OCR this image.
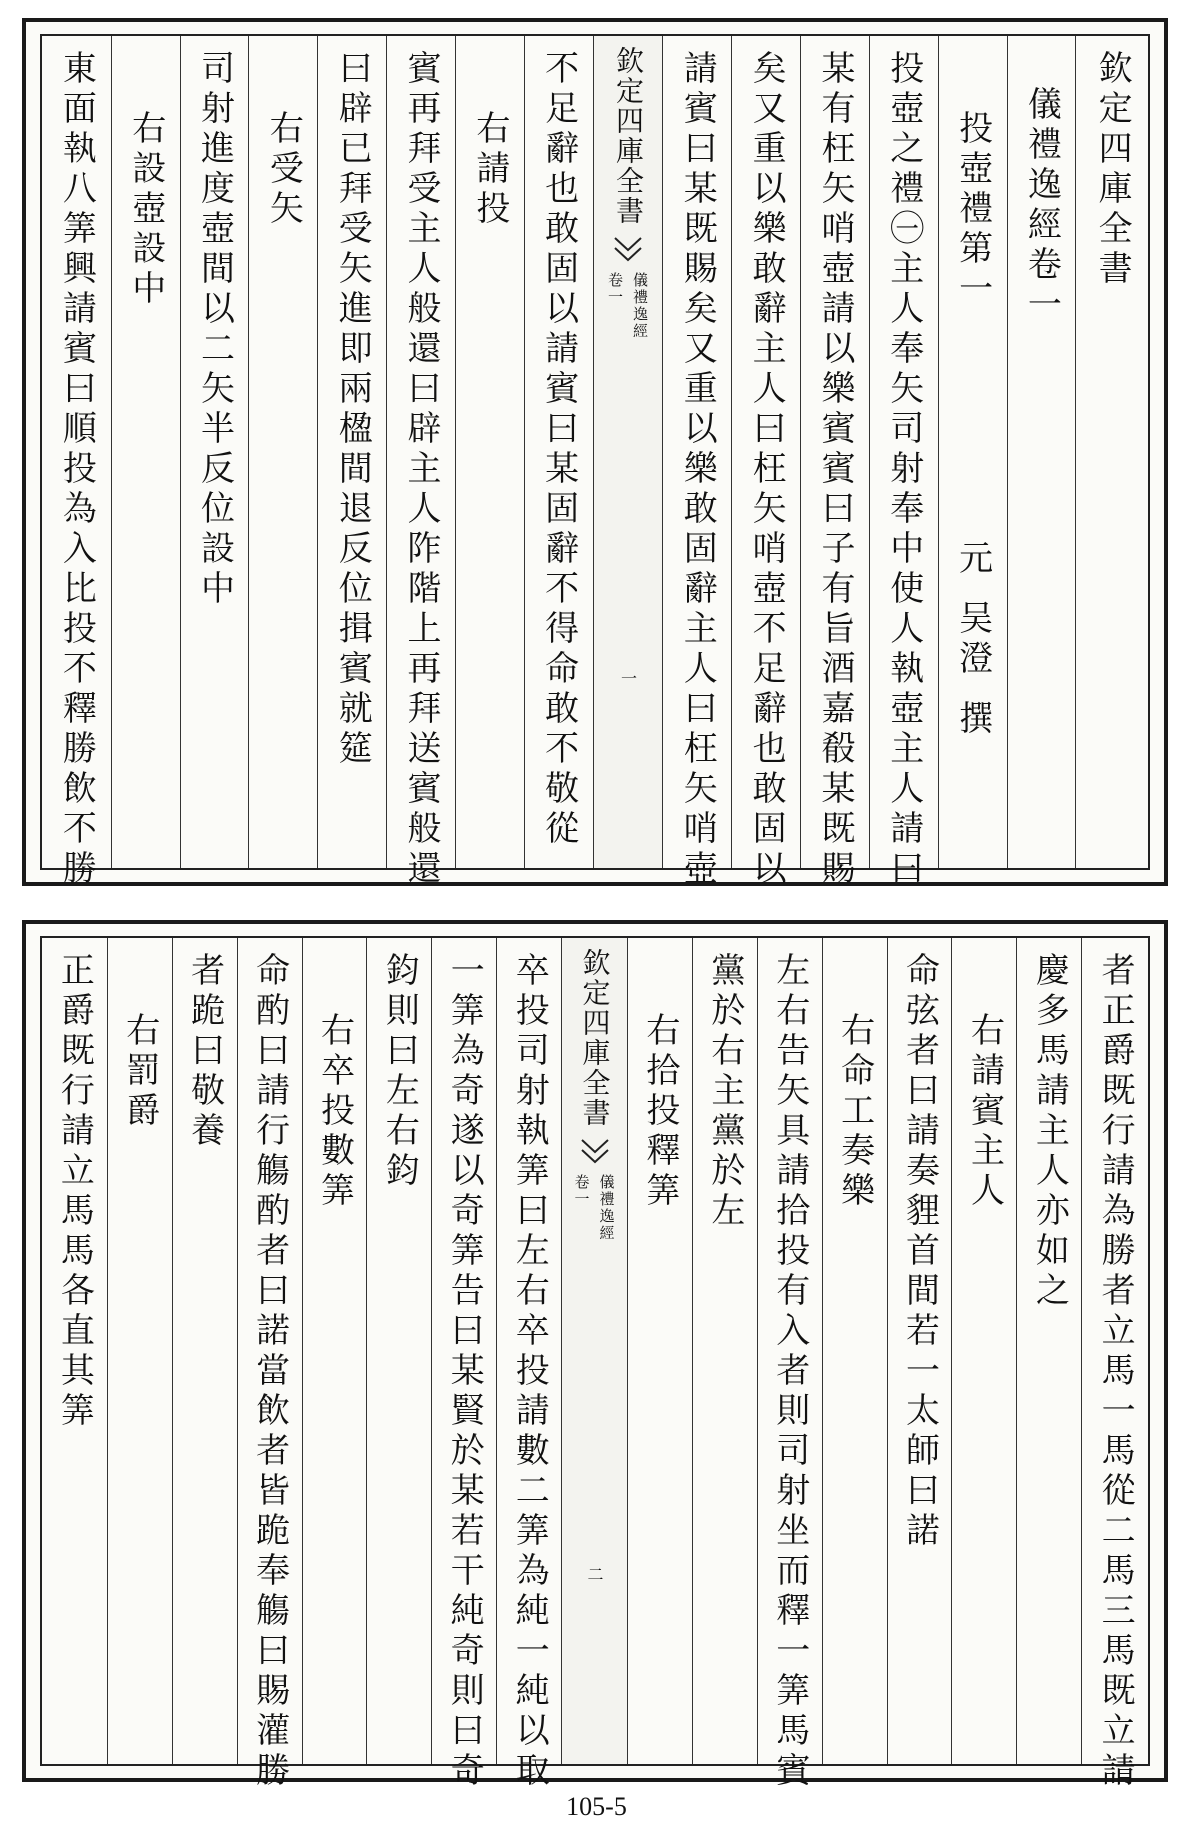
欽定四庫全書
儀禮逸經卷一
投壺禮第一
元
吴澄
撰
投壺之禮㊀主人奉矢司射奉中使人執壺主人請曰
某有枉矢哨壺請以樂賓賓曰子有旨酒嘉殽某既賜
矣又重以樂敢辭主人曰枉矢哨壺不足辭也敢固以
請賓曰某既賜矣又重以樂敢固辭主人曰枉矢哨壺
欽定四庫全書
儀禮逸經
卷一
一
不足辭也敢固以請賓曰某固辭不得命敢不敬從
右請投
賓再拜受主人般還曰辟主人阼階上再拜送賓般還
曰辟已拜受矢進即兩楹間退反位揖賓就筵
右受矢
司射進度壺間以二矢半反位設中
右設壺設中
東面執八筭興請賓曰順投為入比投不釋勝飲不勝
者正爵既行請為勝者立馬一馬從二馬三馬既立請
慶多馬請主人亦如之
右請賓主人
命弦者曰請奏貍首間若一太師曰諾
右命工奏樂
左右告矢具請拾投有入者則司射坐而釋一筭馬賓
黨於右主黨於左
右拾投釋筭
欽定四庫全書
儀禮逸經
卷一
二
卒投司射執筭曰左右卒投請數二筭為純一純以取
一筭為奇遂以奇筭告曰某賢於某若干純奇則曰奇
鈞則曰左右鈞
右卒投數筭
命酌曰請行觴酌者曰諾當飲者皆跪奉觴曰賜灌勝
者跪曰敬養
右罰爵
正爵既行請立馬馬各直其筭
105-5
